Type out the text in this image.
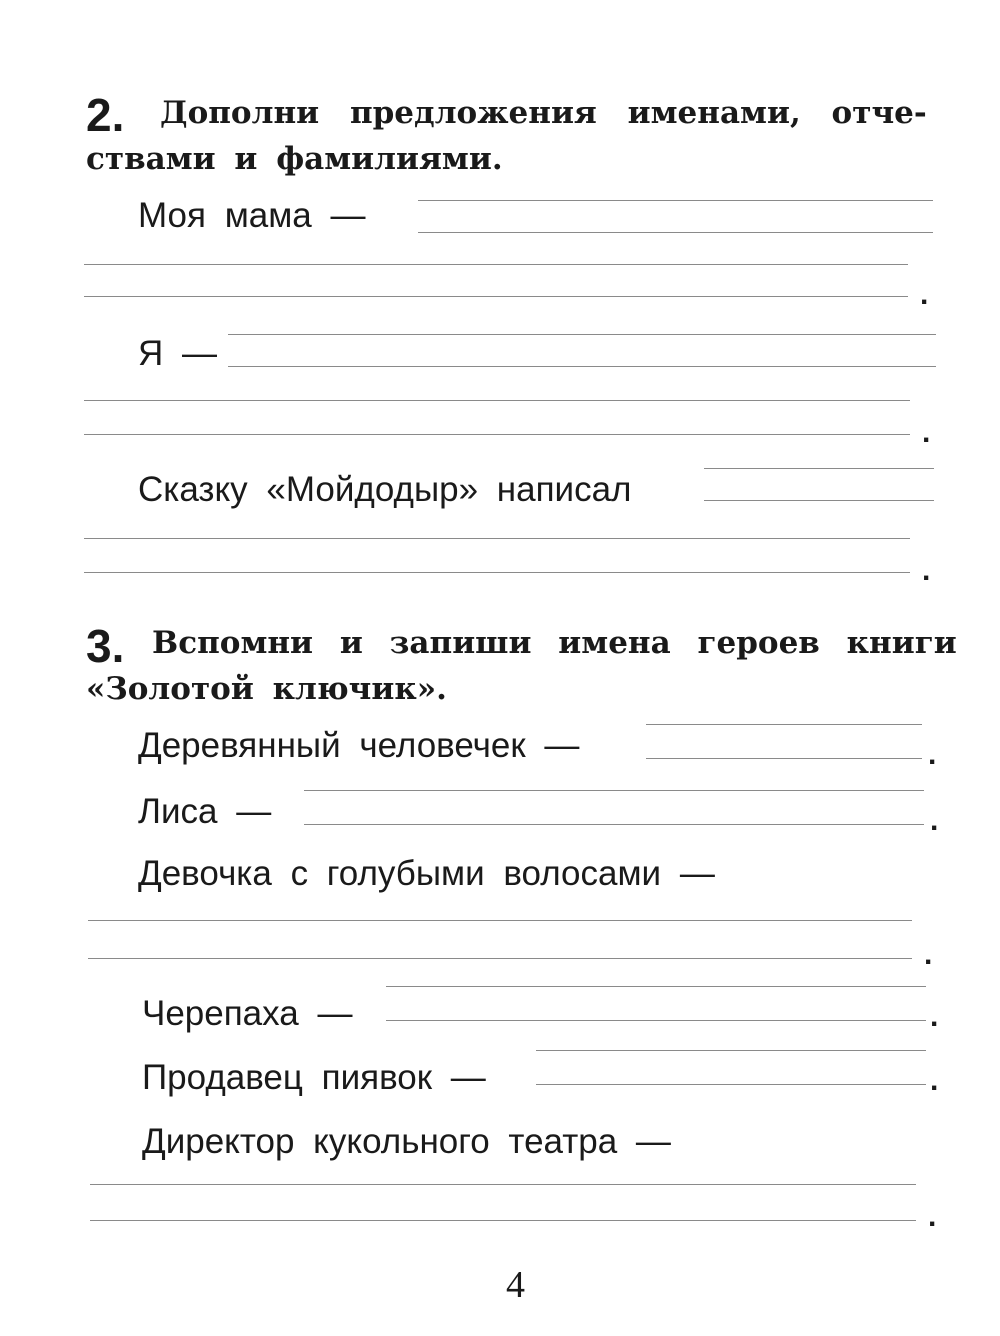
2. Дополни предложения именами, отче-
ствами и фамилиями.
Моя мама —
.
Я —
.
Сказку «Мойдодыр» написал
.
3. Вспомни и запиши имена героев книги
«Золотой ключик».
Деревянный человечек —	.
Лиса —	.
Девочка с голубыми волосами —
.
Черепаха —	.
Продавец пиявок —	.
Директор кукольного театра —
.
4
